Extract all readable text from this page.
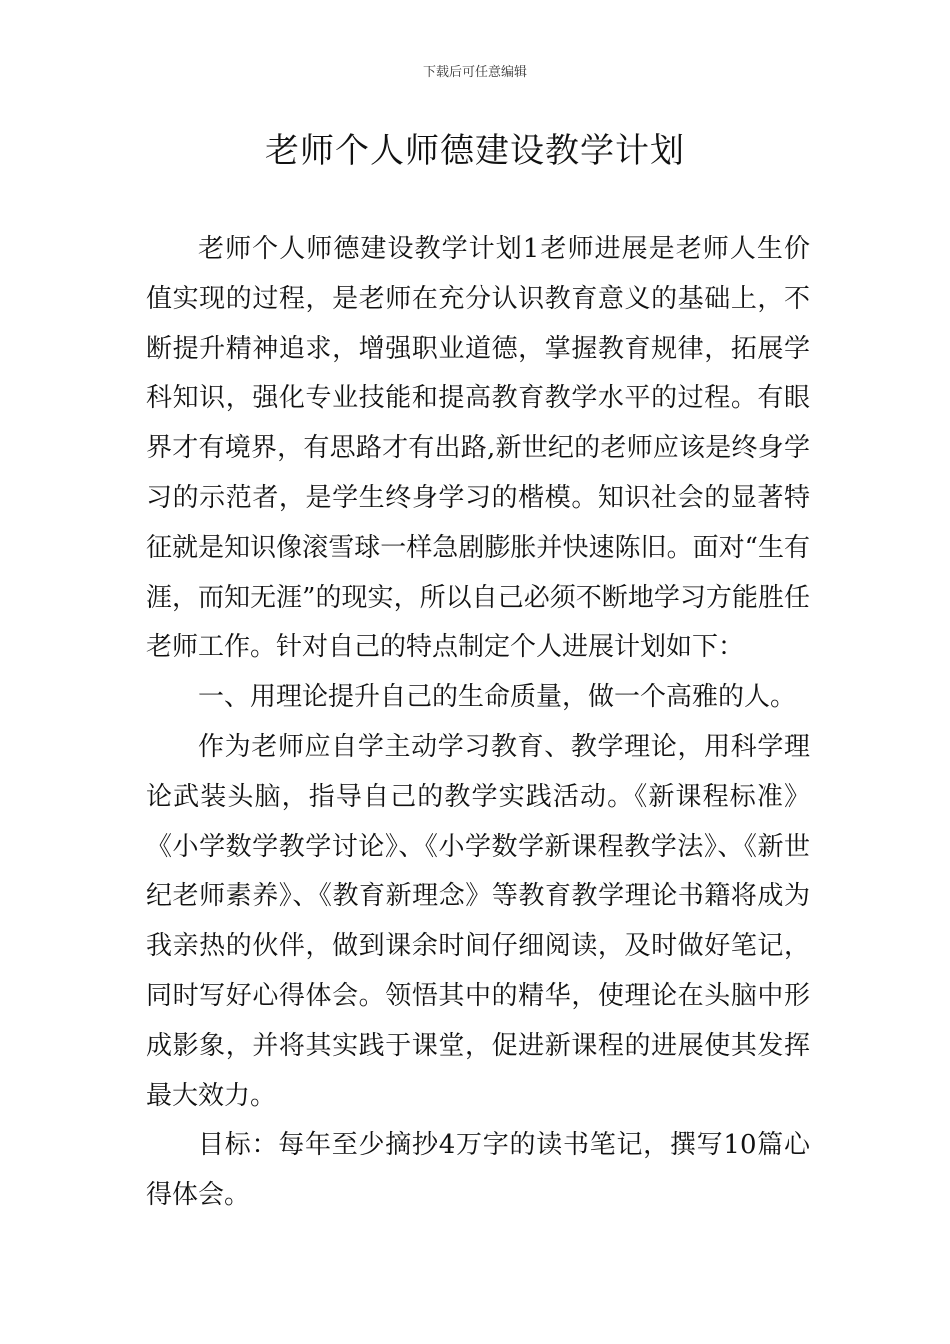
下载后可任意编辑
老师个人师德建设教学计划

老师个人师德建设教学计划1老师进展是老师人生价值实现的过程，是老师在充分认识教育意义的基础上，不断提升精神追求，增强职业道德，掌握教育规律，拓展学科知识，强化专业技能和提高教育教学水平的过程。有眼界才有境界，有思路才有出路,新世纪的老师应该是终身学习的示范者，是学生终身学习的楷模。知识社会的显著特征就是知识像滚雪球一样急剧膨胀并快速陈旧。面对“生有涯，而知无涯”的现实，所以自己必须不断地学习方能胜任老师工作。针对自己的特点制定个人进展计划如下：

一、用理论提升自己的生命质量，做一个高雅的人。

作为老师应自学主动学习教育、教学理论，用科学理论武装头脑，指导自己的教学实践活动。《新课程标准》《小学数学教学讨论》、《小学数学新课程教学法》、《新世纪老师素养》、《教育新理念》等教育教学理论书籍将成为我亲热的伙伴，做到课余时间仔细阅读，及时做好笔记，同时写好心得体会。领悟其中的精华，使理论在头脑中形成影象，并将其实践于课堂，促进新课程的进展使其发挥最大效力。

目标：每年至少摘抄4万字的读书笔记，撰写10篇心得体会。
